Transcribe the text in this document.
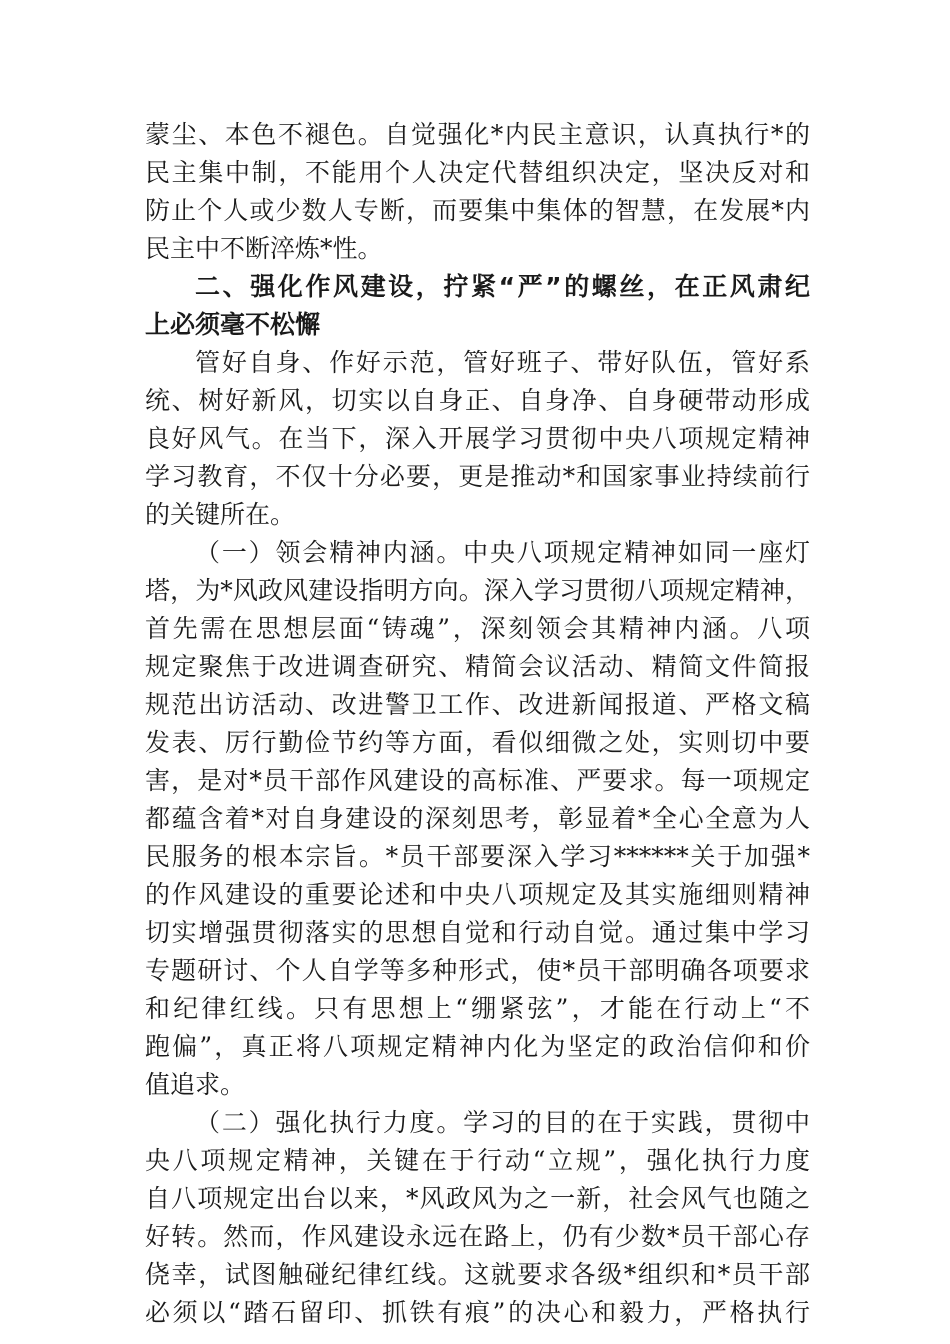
蒙尘、本色不褪色。自觉强化*内民主意识，认真执行*的
民主集中制，不能用个人决定代替组织决定，坚决反对和
防止个人或少数人专断，而要集中集体的智慧，在发展*内
民主中不断淬炼*性。
二、强化作风建设，拧紧“严”的螺丝，在正风肃纪
上必须毫不松懈
管好自身、作好示范，管好班子、带好队伍，管好系
统、树好新风，切实以自身正、自身净、自身硬带动形成
良好风气。在当下，深入开展学习贯彻中央八项规定精神
学习教育，不仅十分必要，更是推动*和国家事业持续前行
的关键所在。
（一）领会精神内涵。中央八项规定精神如同一座灯
塔，为*风政风建设指明方向。深入学习贯彻八项规定精神，
首先需在思想层面“铸魂”，深刻领会其精神内涵。八项
规定聚焦于改进调查研究、精简会议活动、精简文件简报
规范出访活动、改进警卫工作、改进新闻报道、严格文稿
发表、厉行勤俭节约等方面，看似细微之处，实则切中要
害，是对*员干部作风建设的高标准、严要求。每一项规定
都蕴含着*对自身建设的深刻思考，彰显着*全心全意为人
民服务的根本宗旨。*员干部要深入学习******关于加强*
的作风建设的重要论述和中央八项规定及其实施细则精神
切实增强贯彻落实的思想自觉和行动自觉。通过集中学习
专题研讨、个人自学等多种形式，使*员干部明确各项要求
和纪律红线。只有思想上“绷紧弦”，才能在行动上“不
跑偏”，真正将八项规定精神内化为坚定的政治信仰和价
值追求。
（二）强化执行力度。学习的目的在于实践，贯彻中
央八项规定精神，关键在于行动“立规”，强化执行力度
自八项规定出台以来，*风政风为之一新，社会风气也随之
好转。然而，作风建设永远在路上，仍有少数*员干部心存
侥幸，试图触碰纪律红线。这就要求各级*组织和*员干部
必须以“踏石留印、抓铁有痕”的决心和毅力，严格执行
